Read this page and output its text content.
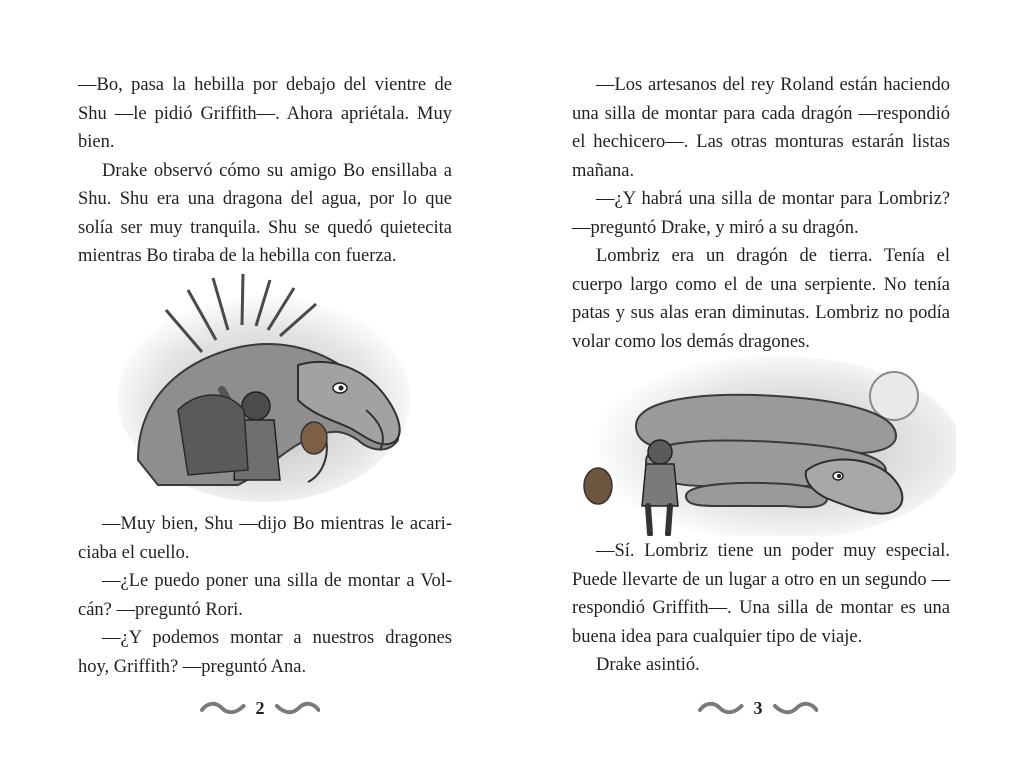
—Bo, pasa la hebilla por debajo del vientre de Shu —le pidió Griffith—. Ahora apriétala. Muy bien.

Drake observó cómo su amigo Bo ensillaba a Shu. Shu era una dragona del agua, por lo que solía ser muy tranquila. Shu se quedó quietecita mientras Bo tiraba de la hebilla con fuerza.

—Muy bien, Shu —dijo Bo mientras le acariciaba el cuello.

—¿Le puedo poner una silla de montar a Volcán? —preguntó Rori.

—¿Y podemos montar a nuestros dragones hoy, Griffith? —preguntó Ana.

2

—Los artesanos del rey Roland están haciendo una silla de montar para cada dragón —respondió el hechicero—. Las otras monturas estarán listas mañana.

—¿Y habrá una silla de montar para Lombriz? —preguntó Drake, y miró a su dragón.

Lombriz era un dragón de tierra. Tenía el cuerpo largo como el de una serpiente. No tenía patas y sus alas eran diminutas. Lombriz no podía volar como los demás dragones.

—Sí. Lombriz tiene un poder muy especial. Puede llevarte de un lugar a otro en un segundo —respondió Griffith—. Una silla de montar es una buena idea para cualquier tipo de viaje.

Drake asintió.

3
